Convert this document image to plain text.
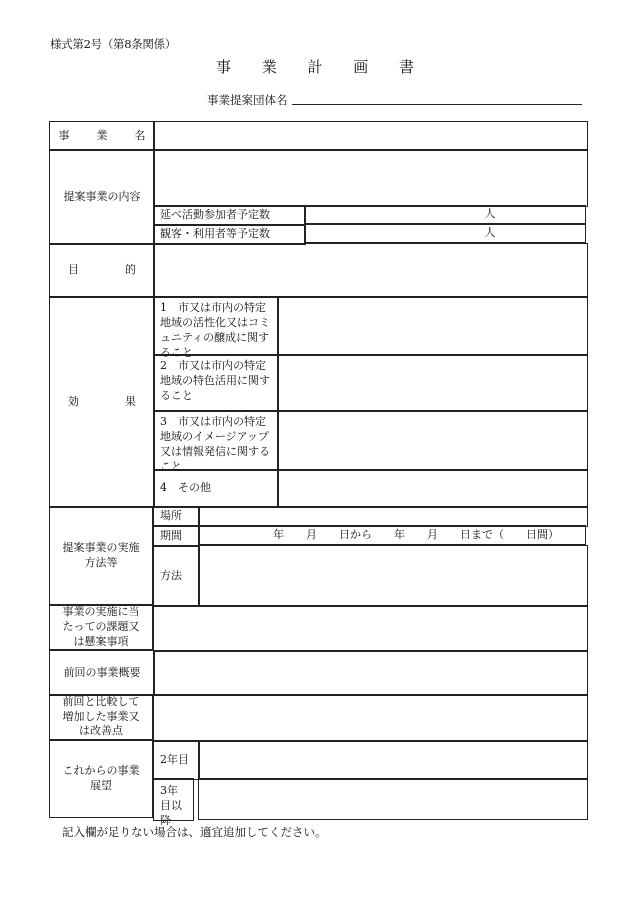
様式第2号（第8条関係）
事 業 計 画 書
事業提案団体名
事　業　名
提案事業の内容
延べ活動参加者予定数	人
観客・利用者等予定数	人
目　　的
効　　果
1　市又は市内の特定地域の活性化又はコミュニティの醸成に関すること
2　市又は市内の特定地域の特色活用に関すること
3　市又は市内の特定地域のイメージアップ又は情報発信に関すること
4　その他
提案事業の実施方法等
場所
期間	年　　月　　日から　　年　　月　　日まで（　　日間）
方法
事業の実施に当たっての課題又は懸案事項
前回の事業概要
前回と比較して増加した事業又は改善点
これからの事業展望
2年目
3年目以降
記入欄が足りない場合は、適宜追加してください。
